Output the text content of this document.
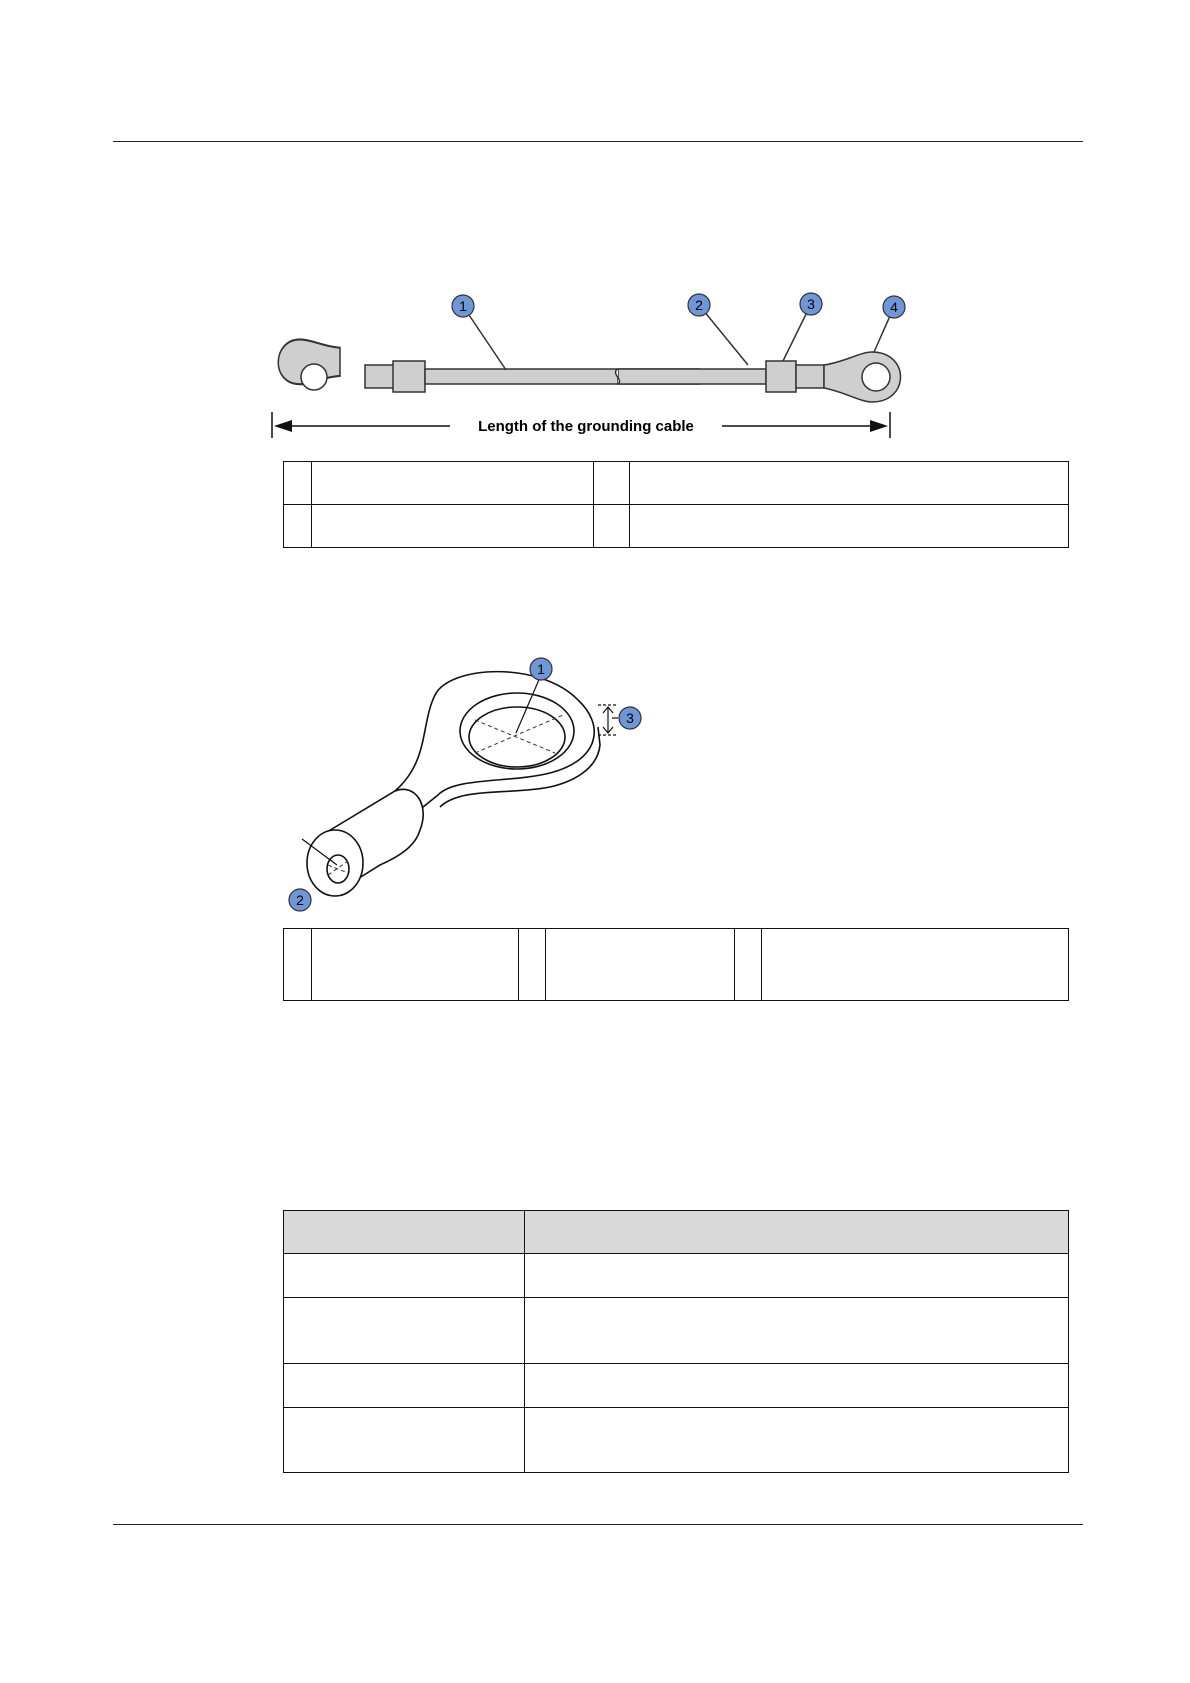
1	2	3	4
Length of the grounding cable

1
2
3
